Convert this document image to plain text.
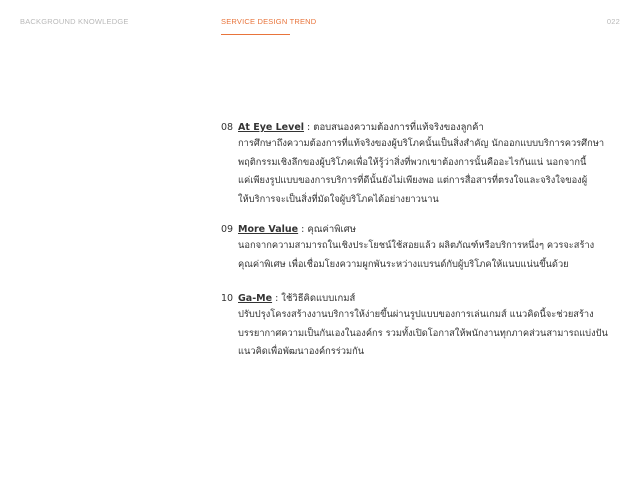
BACKGROUND KNOWLEDGE	SERVICE DESIGN TREND	022
08 At Eye Level : ตอบสนองความต้องการที่แท้จริงของลูกค้า
การศึกษาถึงความต้องการที่แท้จริงของผู้บริโภคนั้นเป็นสิ่งสำคัญ นักออกแบบบริการควรศึกษา
พฤติกรรมเชิงลึกของผู้บริโภคเพื่อให้รู้ว่าสิ่งที่พวกเขาต้องการนั้นคืออะไรกันแน่ นอกจากนี้
แค่เพียงรูปแบบของการบริการที่ดีนั้นยังไม่เพียงพอ แต่การสื่อสารที่ตรงใจและจริงใจของผู้
ให้บริการจะเป็นสิ่งที่มัดใจผู้บริโภคได้อย่างยาวนาน
09 More Value : คุณค่าพิเศษ
นอกจากความสามารถในเชิงประโยชน์ใช้สอยแล้ว ผลิตภัณฑ์หรือบริการหนึ่งๆ ควรจะสร้าง
คุณค่าพิเศษ เพื่อเชื่อมโยงความผูกพันระหว่างแบรนด์กับผู้บริโภคให้แนบแน่นขึ้นด้วย
10 Ga-Me : ใช้วิธีคิดแบบเกมส์
ปรับปรุงโครงสร้างงานบริการให้ง่ายขึ้นผ่านรูปแบบของการเล่นเกมส์ แนวคิดนี้จะช่วยสร้าง
บรรยากาศความเป็นกันเองในองค์กร รวมทั้งเปิดโอกาสให้พนักงานทุกภาคส่วนสามารถแบ่งปัน
แนวคิดเพื่อพัฒนาองค์กรร่วมกัน
